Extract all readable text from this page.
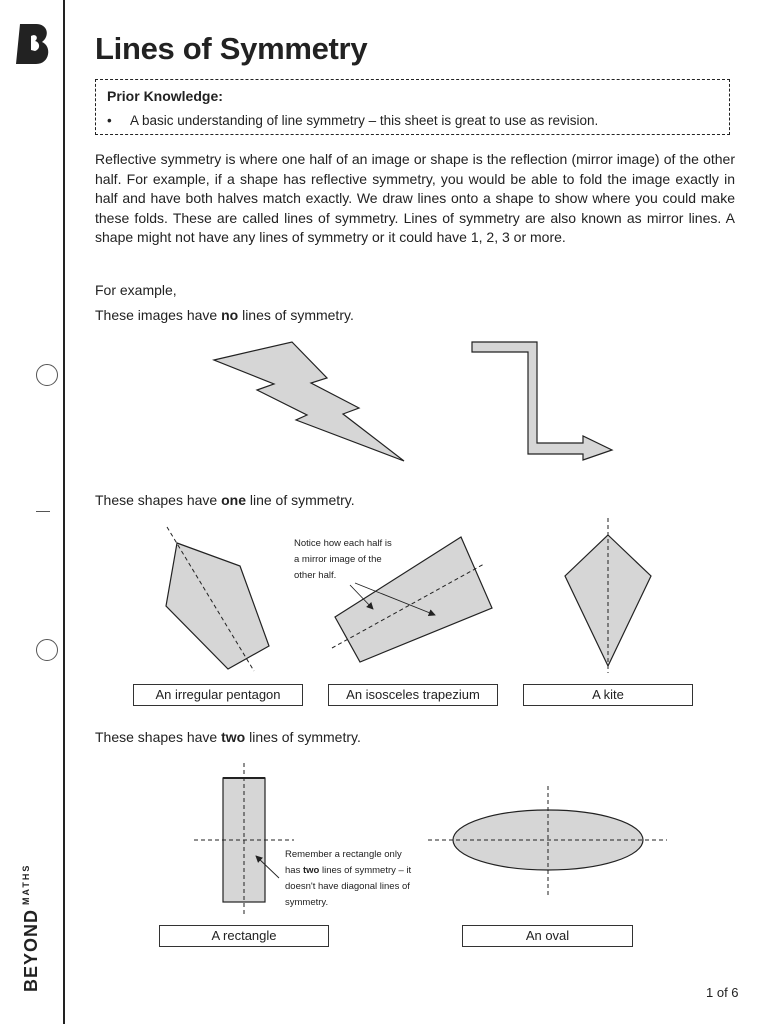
$BEYOND^{MATHS}$
Lines of Symmetry
Prior Knowledge:
• A basic understanding of line symmetry – this sheet is great to use as revision.
Reflective symmetry is where one half of an image or shape is the reflection (mirror image) of the other half. For example, if a shape has reflective symmetry, you would be able to fold the image exactly in half and have both halves match exactly. We draw lines onto a shape to show where you could make these folds. These are called lines of symmetry. Lines of symmetry are also known as mirror lines. A shape might not have any lines of symmetry or it could have 1, 2, 3 or more.
For example,
These images have no lines of symmetry.
These shapes have one line of symmetry.
These shapes have two lines of symmetry.
Notice how each half is
a mirror image of the
other half.
Remember a rectangle only
has two lines of symmetry – it
doesn't have diagonal lines of
symmetry.
An irregular pentagon	An isosceles trapezium	A kite
A rectangle	An oval
1 of 6
